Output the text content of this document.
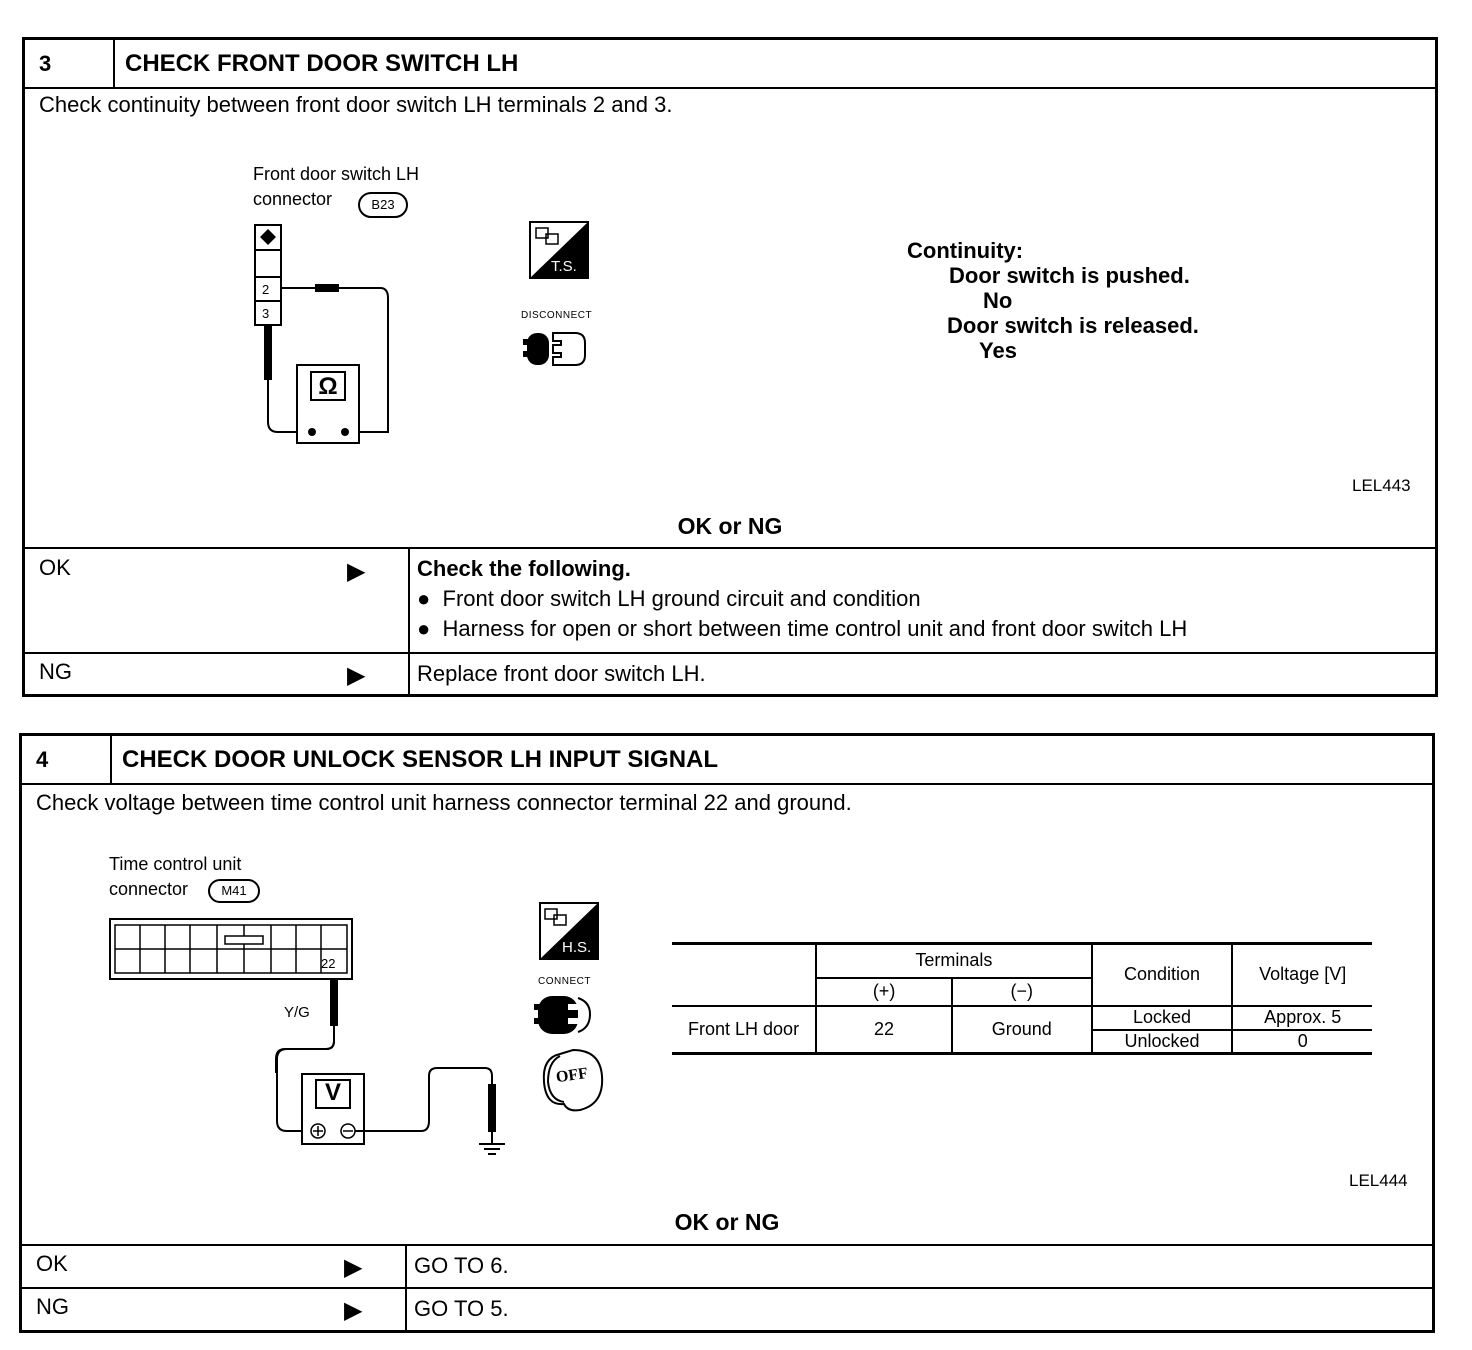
3	CHECK FRONT DOOR SWITCH LH
Check continuity between front door switch LH terminals 2 and 3.
Front door switch LH
connector	B23
2
3
Ω
T.S.
DISCONNECT
Continuity:
Door switch is pushed.
No
Door switch is released.
Yes
LEL443
OK or NG
OK	▶ Check the following.
●  Front door switch LH ground circuit and condition
●  Harness for open or short between time control unit and front door switch LH
NG	▶ Replace front door switch LH.
4	CHECK DOOR UNLOCK SENSOR LH INPUT SIGNAL
Check voltage between time control unit harness connector terminal 22 and ground.
Time control unit
connector	M41
22
Y/G
V
H.S.
CONNECT
OFF
	Terminals		Condition	Voltage [V]
	(+)	(−)		
Front LH door	22	Ground	Locked	Approx. 5
			Unlocked	0
LEL444
OK or NG
OK	▶ GO TO 6.
NG	▶ GO TO 5.
